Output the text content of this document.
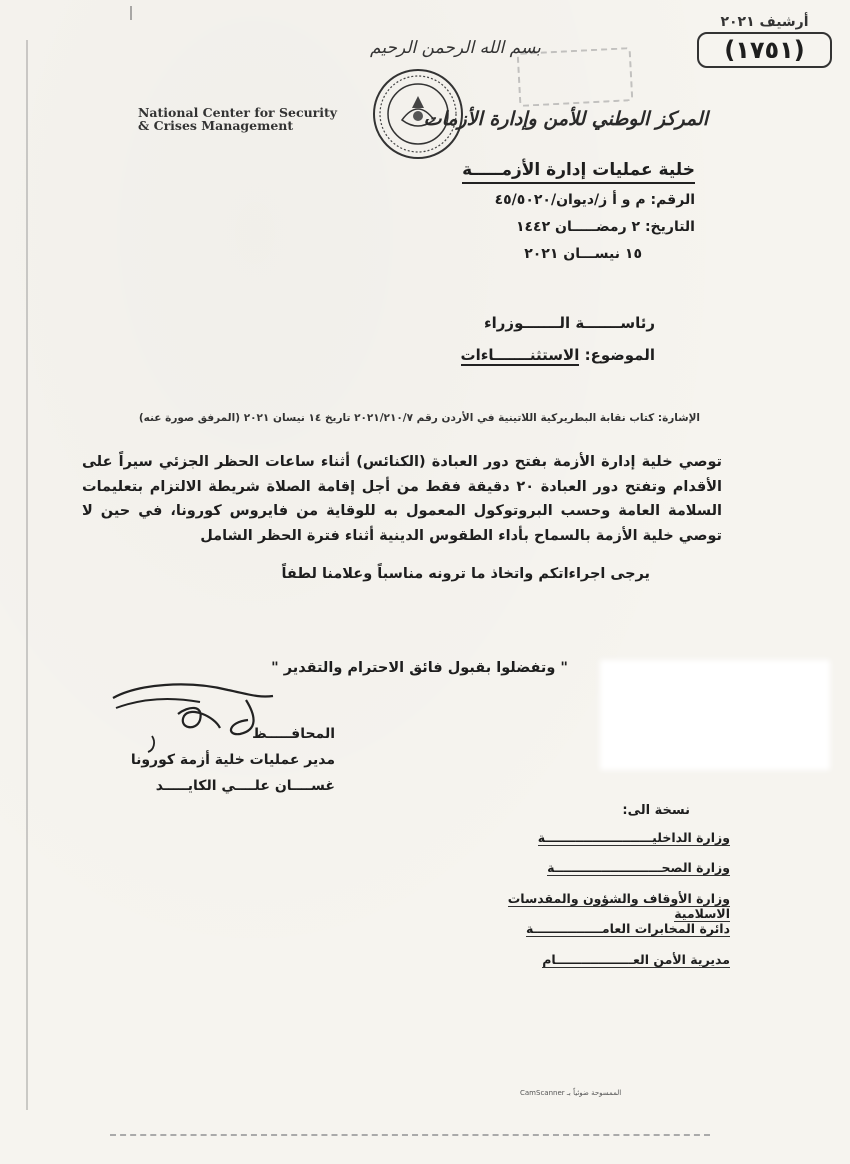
أرشيف ٢٠٢١
(١٧٥١)
بسم الله الرحمن الرحيم
National Center for Security
& Crises Management	المركز الوطني للأمن وإدارة الأزمات
خلية عمليات إدارة الأزمـــــة
الرقم: م و أ ز/ديوان/٤٥/٥٠٢٠
التاريخ: ٢ رمضـــــان ١٤٤٢
١٥ نيســـان ٢٠٢١
رئاســـــــة الـــــــوزراء
الموضوع: الاستثنـــــــاءات
الإشارة: كتاب نقابة البطريركية اللاتينية في الأردن رقم ٢٠٢١/٢١٠/٧ تاريخ ١٤ نيسان ٢٠٢١ (المرفق صورة عنه)
توصي خلية إدارة الأزمة بفتح دور العبادة (الكنائس) أثناء ساعات الحظر الجزئي سيراً على الأقدام وتفتح دور العبادة ٢٠ دقيقة فقط من أجل إقامة الصلاة شريطة الالتزام بتعليمات السلامة العامة وحسب البروتوكول المعمول به للوقاية من فايروس كورونا، في حين لا توصي خلية الأزمة بالسماح بأداء الطقوس الدينية أثناء فترة الحظر الشامل
يرجى اجراءاتكم واتخاذ ما ترونه مناسباً وعلامنا لطفاً
" وتفضلوا بقبول فائق الاحترام والتقدير "
المحافـــــظ
مدير عمليات خلية أزمة كورونا
غســــان علــــي الكايـــــد
نسخة الى:
وزارة الداخليـــــــــــــــــــــــــة
وزارة الصحـــــــــــــــــــــــــة
وزارة الأوقاف والشؤون والمقدسات الاسلامية
دائرة المخابرات العامــــــــــــــــة
مديرية الأمن العــــــــــــــــــام
CamScanner الممسوحة ضوئياً بـ
